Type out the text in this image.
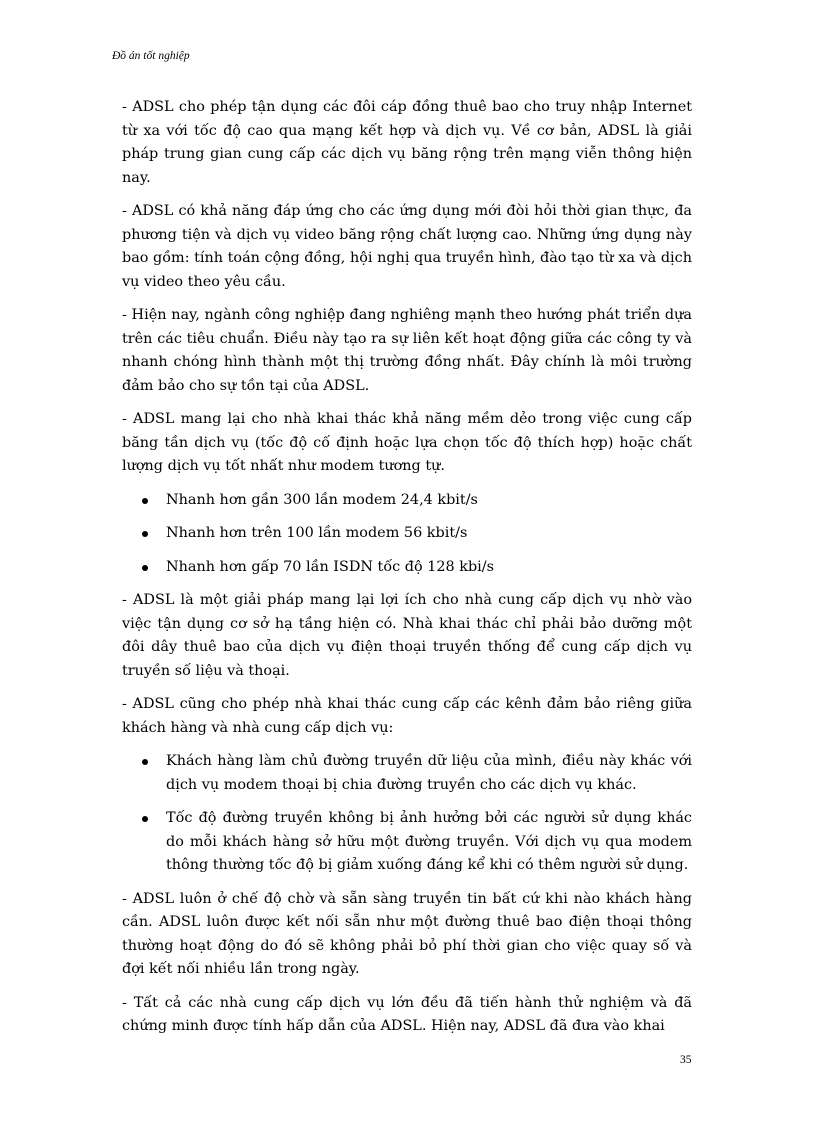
Đồ án tốt nghiệp

- ADSL cho phép tận dụng các đôi cáp đồng thuê bao cho truy nhập Internet từ xa với tốc độ cao qua mạng kết hợp và dịch vụ. Về cơ bản, ADSL là giải pháp trung gian cung cấp các dịch vụ băng rộng trên mạng viễn thông hiện nay.

- ADSL có khả năng đáp ứng cho các ứng dụng mới đòi hỏi thời gian thực, đa phương tiện và dịch vụ video băng rộng chất lượng cao. Những ứng dụng này bao gồm: tính toán cộng đồng, hội nghị qua truyền hình, đào tạo từ xa và dịch vụ video theo yêu cầu.

- Hiện nay, ngành công nghiệp đang nghiêng mạnh theo hướng phát triển dựa trên các tiêu chuẩn. Điều này tạo ra sự liên kết hoạt động giữa các công ty và nhanh chóng hình thành một thị trường đồng nhất. Đây chính là môi trường đảm bảo cho sự tồn tại của ADSL.

- ADSL mang lại cho nhà khai thác khả năng mềm dẻo trong việc cung cấp băng tần dịch vụ (tốc độ cố định hoặc lựa chọn tốc độ thích hợp) hoặc chất lượng dịch vụ tốt nhất như modem tương tự.

Nhanh hơn gần 300 lần modem 24,4 kbit/s
Nhanh hơn trên 100 lần modem 56 kbit/s
Nhanh hơn gấp 70 lần ISDN tốc độ 128 kbi/s

- ADSL là một giải pháp mang lại lợi ích cho nhà cung cấp dịch vụ nhờ vào việc tận dụng cơ sở hạ tầng hiện có. Nhà khai thác chỉ phải bảo dưỡng một đôi dây thuê bao của dịch vụ điện thoại truyền thống để cung cấp dịch vụ truyền số liệu và thoại.

- ADSL cũng cho phép nhà khai thác cung cấp các kênh đảm bảo riêng giữa khách hàng và nhà cung cấp dịch vụ:

Khách hàng làm chủ đường truyền dữ liệu của mình, điều này khác với dịch vụ modem thoại bị chia đường truyền cho các dịch vụ khác.
Tốc độ đường truyền không bị ảnh hưởng bởi các người sử dụng khác do mỗi khách hàng sở hữu một đường truyền. Với dịch vụ qua modem thông thường tốc độ bị giảm xuống đáng kể khi có thêm người sử dụng.

- ADSL luôn ở chế độ chờ và sẵn sàng truyền tin bất cứ khi nào khách hàng cần. ADSL luôn được kết nối sẵn như một đường thuê bao điện thoại thông thường hoạt động do đó sẽ không phải bỏ phí thời gian cho việc quay số và đợi kết nối nhiều lần trong ngày.

- Tất cả các nhà cung cấp dịch vụ lớn đều đã tiến hành thử nghiệm và đã chứng minh được tính hấp dẫn của ADSL. Hiện nay, ADSL đã đưa vào khai

35
